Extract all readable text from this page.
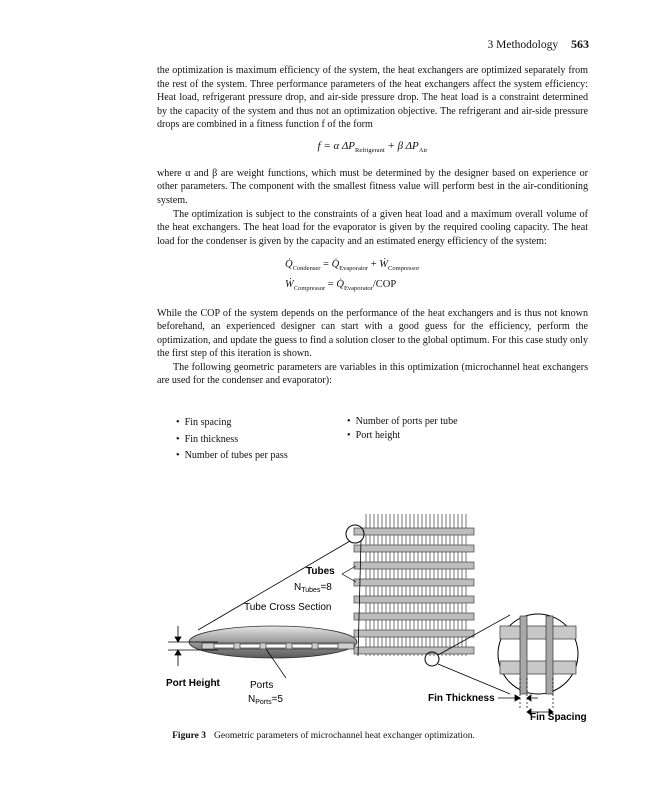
3 Methodology 563

the optimization is maximum efficiency of the system, the heat exchangers are optimized separately from the rest of the system. Three performance parameters of the heat exchangers affect the system efficiency: Heat load, refrigerant pressure drop, and air-side pressure drop. The heat load is a constraint determined by the capacity of the system and thus not an optimization objective. The refrigerant and air-side pressure drops are combined in a fitness function f of the form

f = α $\Delta P_{Refrigerant} + \beta$ $\Delta P_{Air}$

where α and β are weight functions, which must be determined by the designer based on experience or other parameters. The component with the smallest fitness value will perform best in the air-conditioning system.

The optimization is subject to the constraints of a given heat load and a maximum overall volume of the heat exchangers. The heat load for the evaporator is given by the required cooling capacity. The heat load for the condenser is given by the capacity and an estimated energy efficiency of the system:

$Q̇_{Condenser}$ = $Q̇_{Evaporator}$ + Ẇ$_{Compressor}$
Ẇ$_{Compressor}$ = $Q̇_{Evaporator}$/COP

While the COP of the system depends on the performance of the heat exchangers and is thus not known beforehand, an experienced designer can start with a good guess for the efficiency, perform the optimization, and update the guess to find a solution closer to the global optimum. For this case study only the first step of this iteration is shown.

The following geometric parameters are variables in this optimization (microchannel heat exchangers are used for the condenser and evaporator):

•  Fin spacing
•  Fin thickness
•  Number of tubes per pass
•  Number of ports per tube
•  Port height
Tubes
$N_{Tubes}=8$
Tube Cross Section
Port Height	Ports
$N_{Ports}=5$	Fin Thickness
Fin Spacing
Figure 3 Geometric parameters of microchannel heat exchanger optimization.
